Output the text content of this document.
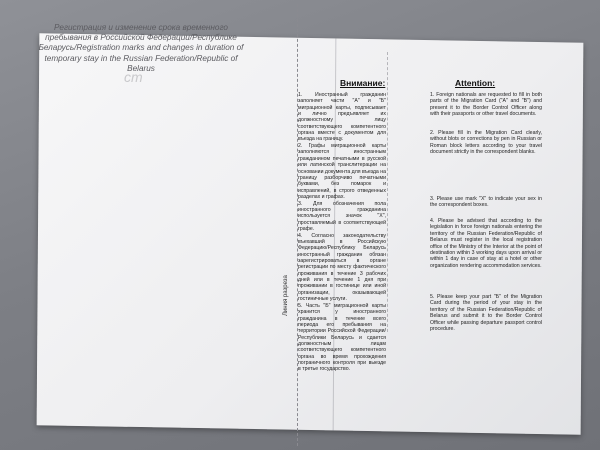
Регистрация и изменение срока временного пребывания в Российской Федерации/Республике Беларусь/Registration marks and changes in duration of temporary stay in the Russian Federation/Republic of Belarus
ст
Линия разреза
Внимание:	Attention:

1. Иностранный гражданин заполняет части "А" и "Б" миграционной карты, подписывает и лично предъявляет их должностному лицу соответствующего компетентного органа вместе с документом для въезда на границу.

2. Графы миграционной карты заполняются иностранным гражданином печатными в русской или латинской транслитерации на основании документа для въезда на границу разборчиво печатными буквами, без помарок и исправлений, в строго отведенных разделах и графах.

3. Для обозначения пола иностранного гражданина используется значок "X", проставляемый в соответствующей графе.

4. Согласно законодательству въехавший в Российскую Федерацию/Республику Беларусь иностранный гражданин обязан зарегистрироваться в органе регистрации по месту фактического проживания в течение 3 рабочих дней или в течение 1 дня при проживании в гостинице или иной организации, оказывающей гостиничные услуги.

5. Часть "Б" миграционной карты хранится у иностранного гражданина в течение всего периода его пребывания на территории Российской Федерации/Республики Беларусь и сдается должностным лицам соответствующего компетентного органа во время прохождения пограничного контроля при выезде в третье государство.

1. Foreign nationals are requested to fill in both parts of the Migration Card ("A" and "B") and present it to the Border Control Officer along with their passports or other travel documents.

2. Please fill in the Migration Card clearly, without blots or corrections by pen in Russian or Roman block letters according to your travel document strictly in the correspondent blanks.

3. Please use mark "X" to indicate your sex in the correspondent boxes.

4. Please be advised that according to the legislation in force foreign nationals entering the territory of the Russian Federation/Republic of Belarus must register in the local registration office of the Ministry of the Interior at the point of destination within 3 working days upon arrival or within 1 day in case of stay at a hotel or other organization rendering accommodation services.

5. Please keep your part "Б" of the Migration Card during the period of your stay in the territory of the Russian Federation/Republic of Belarus and submit it to the Border Control Officer while passing departure passport control procedure.
